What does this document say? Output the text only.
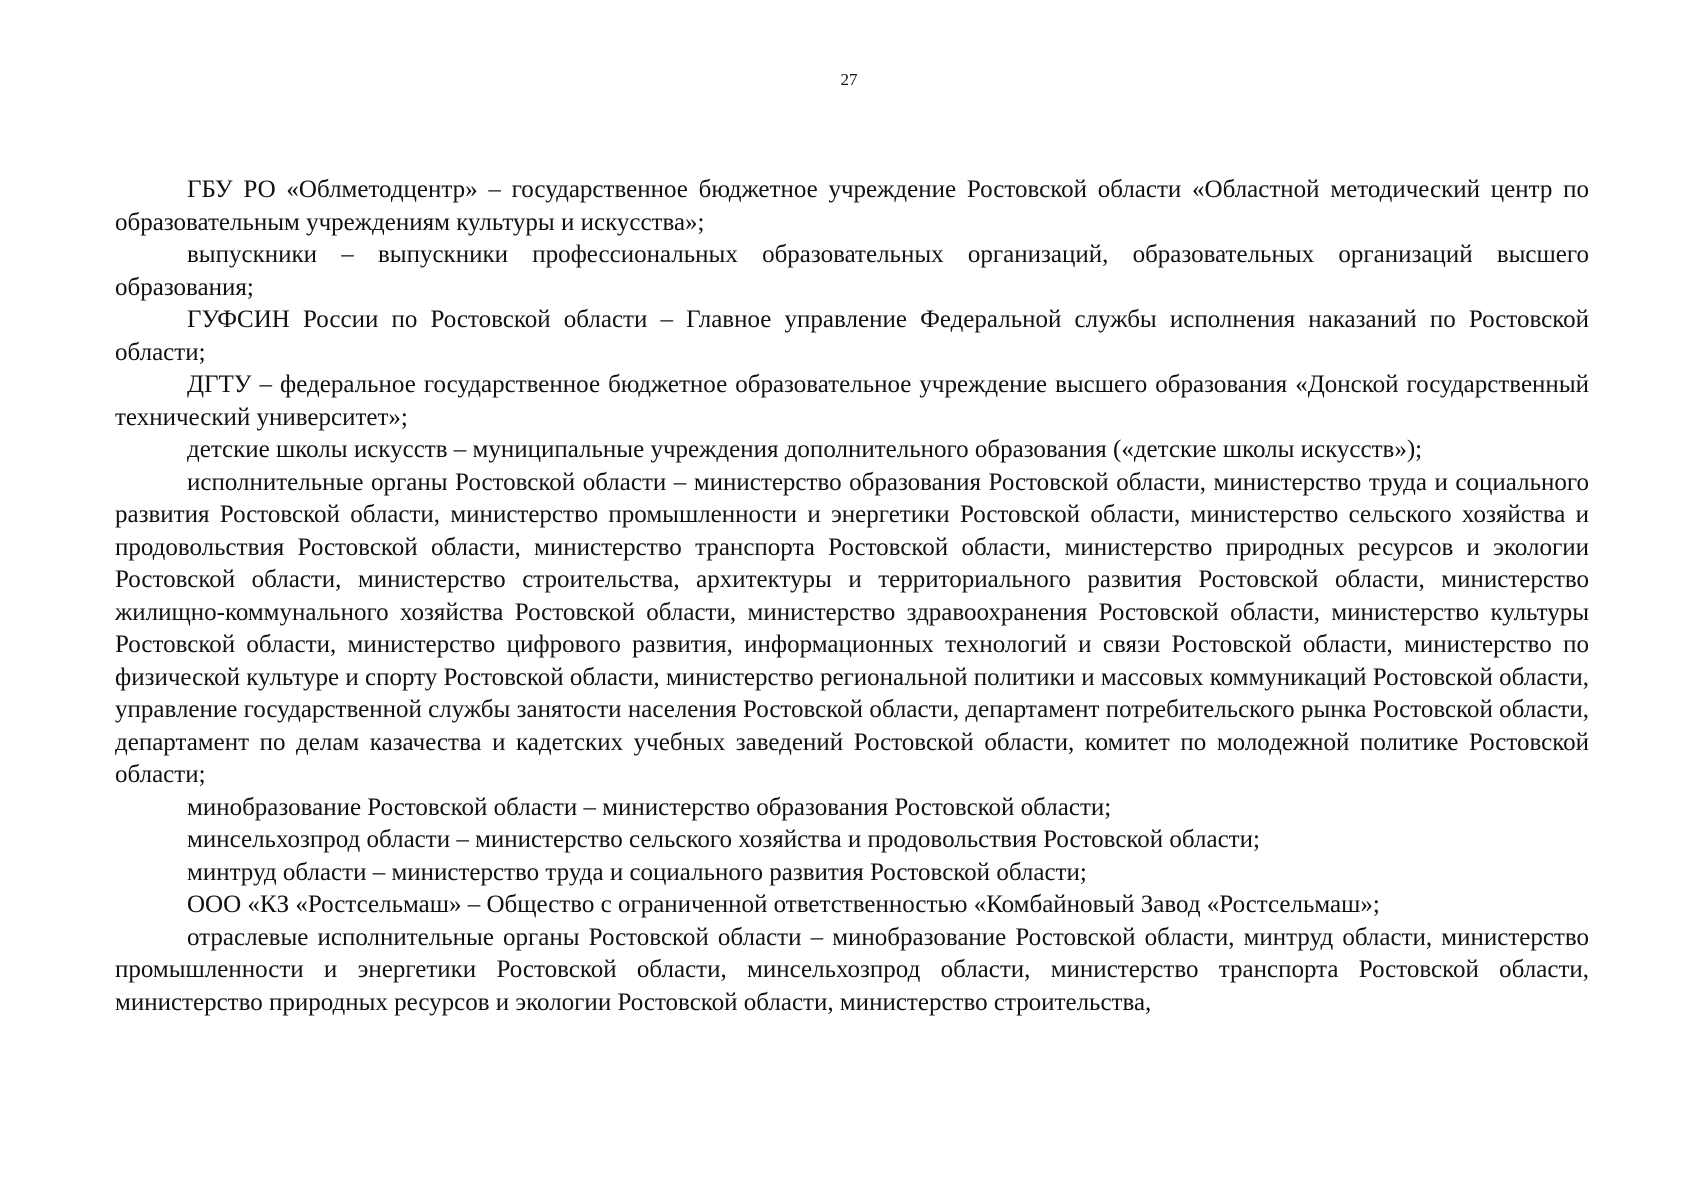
27

ГБУ РО «Облметодцентр» – государственное бюджетное учреждение Ростовской области «Областной методический центр по образовательным учреждениям культуры и искусства»;

выпускники – выпускники профессиональных образовательных организаций, образовательных организаций высшего образования;

ГУФСИН России по Ростовской области – Главное управление Федеральной службы исполнения наказаний по Ростовской области;

ДГТУ – федеральное государственное бюджетное образовательное учреждение высшего образования «Донской государственный технический университет»;

детские школы искусств – муниципальные учреждения дополнительного образования («детские школы искусств»);

исполнительные органы Ростовской области – министерство образования Ростовской области, министерство труда и социального развития Ростовской области, министерство промышленности и энергетики Ростовской области, министерство сельского хозяйства и продовольствия Ростовской области, министерство транспорта Ростовской области, министерство природных ресурсов и экологии Ростовской области, министерство строительства, архитектуры и территориального развития Ростовской области, министерство жилищно-коммунального хозяйства Ростовской области, министерство здравоохранения Ростовской области, министерство культуры Ростовской области, министерство цифрового развития, информационных технологий и связи Ростовской области, министерство по физической культуре и спорту Ростовской области, министерство региональной политики и массовых коммуникаций Ростовской области, управление государственной службы занятости населения Ростовской области, департамент потребительского рынка Ростовской области, департамент по делам казачества и кадетских учебных заведений Ростовской области, комитет по молодежной политике Ростовской области;

минобразование Ростовской области – министерство образования Ростовской области;

минсельхозпрод области – министерство сельского хозяйства и продовольствия Ростовской области;

минтруд области – министерство труда и социального развития Ростовской области;

ООО «КЗ «Ростсельмаш» – Общество с ограниченной ответственностью «Комбайновый Завод «Ростсельмаш»;

отраслевые исполнительные органы Ростовской области – минобразование Ростовской области, минтруд области, министерство промышленности и энергетики Ростовской области, минсельхозпрод области, министерство транспорта Ростовской области, министерство природных ресурсов и экологии Ростовской области, министерство строительства,
